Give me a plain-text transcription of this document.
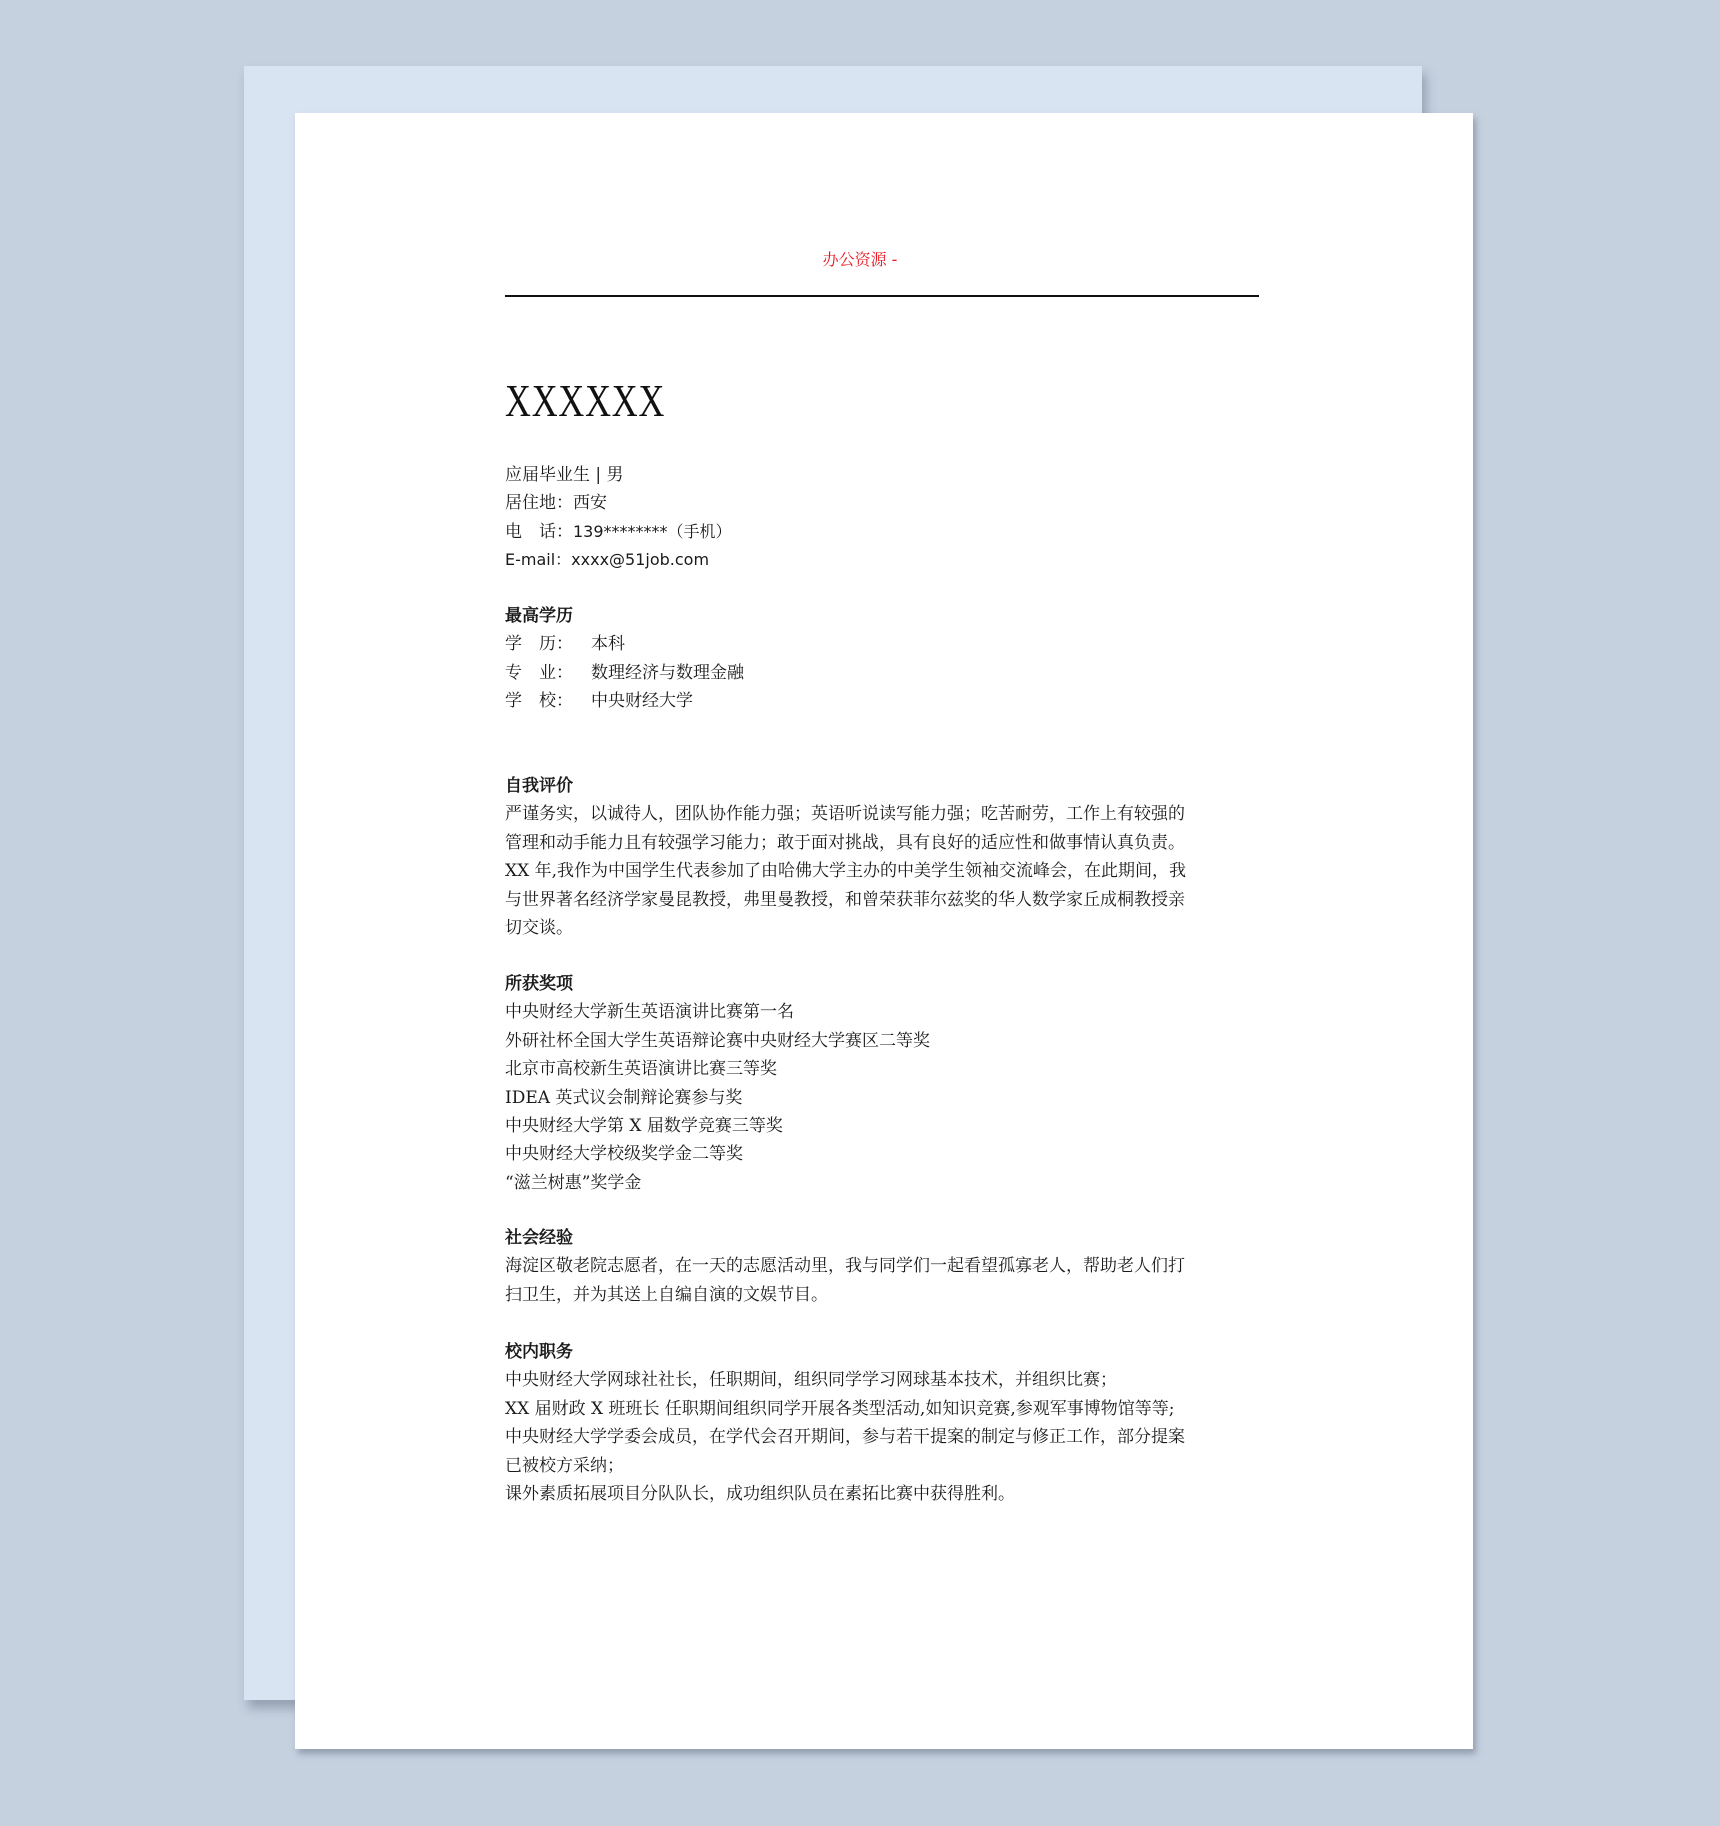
办公资源 -
XXXXXX
应届毕业生 | 男
居住地：西安
电　话：139********（手机）
E-mail：xxxx@51job.com
最高学历
学　历： 本科
专　业： 数理经济与数理金融
学　校： 中央财经大学
自我评价
严谨务实，以诚待人，团队协作能力强；英语听说读写能力强；吃苦耐劳，工作上有较强的
管理和动手能力且有较强学习能力；敢于面对挑战，具有良好的适应性和做事情认真负责。
XX 年,我作为中国学生代表参加了由哈佛大学主办的中美学生领袖交流峰会，在此期间，我
与世界著名经济学家曼昆教授，弗里曼教授，和曾荣获菲尔兹奖的华人数学家丘成桐教授亲
切交谈。
所获奖项
中央财经大学新生英语演讲比赛第一名
外研社杯全国大学生英语辩论赛中央财经大学赛区二等奖
北京市高校新生英语演讲比赛三等奖
IDEA 英式议会制辩论赛参与奖
中央财经大学第 X 届数学竞赛三等奖
中央财经大学校级奖学金二等奖
“滋兰树惠”奖学金
社会经验
海淀区敬老院志愿者，在一天的志愿活动里，我与同学们一起看望孤寡老人，帮助老人们打
扫卫生，并为其送上自编自演的文娱节目。
校内职务
中央财经大学网球社社长，任职期间，组织同学学习网球基本技术，并组织比赛；
XX 届财政 X 班班长 任职期间组织同学开展各类型活动,如知识竞赛,参观军事博物馆等等;
中央财经大学学委会成员，在学代会召开期间，参与若干提案的制定与修正工作，部分提案
已被校方采纳；
课外素质拓展项目分队队长，成功组织队员在素拓比赛中获得胜利。
